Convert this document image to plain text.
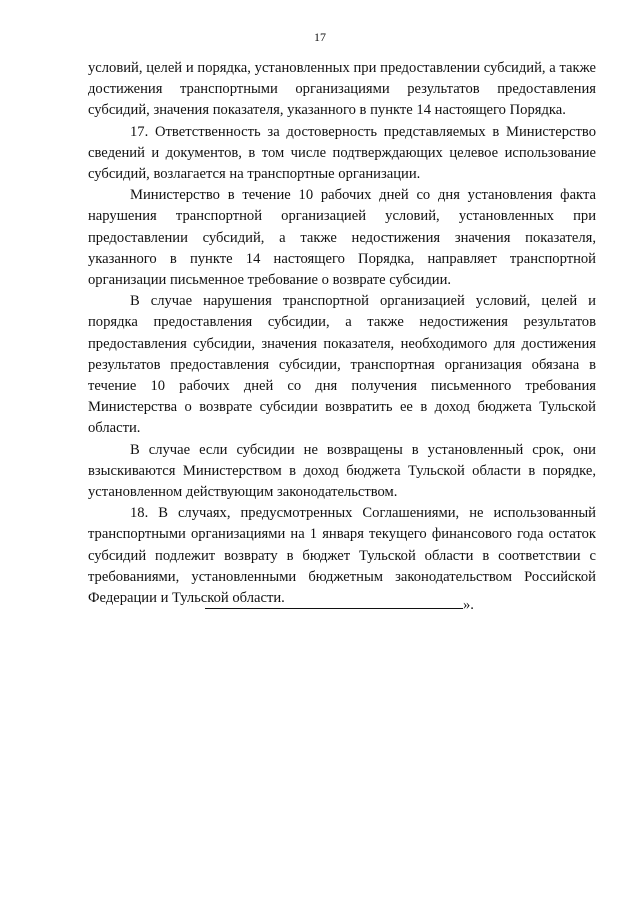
17

условий, целей и порядка, установленных при предоставлении субсидий, а также достижения транспортными организациями результатов предоставления субсидий, значения показателя, указанного в пункте 14 настоящего Порядка.

17. Ответственность за достоверность представляемых в Министерство сведений и документов, в том числе подтверждающих целевое использование субсидий, возлагается на транспортные организации.

Министерство в течение 10 рабочих дней со дня установления факта нарушения транспортной организацией условий, установленных при предоставлении субсидий, а также недостижения значения показателя, указанного в пункте 14 настоящего Порядка, направляет транспортной организации письменное требование о возврате субсидии.

В случае нарушения транспортной организацией условий, целей и порядка предоставления субсидии, а также недостижения результатов предоставления субсидии, значения показателя, необходимого для достижения результатов предоставления субсидии, транспортная организация обязана в течение 10 рабочих дней со дня получения письменного требования Министерства о возврате субсидии возвратить ее в доход бюджета Тульской области.

В случае если субсидии не возвращены в установленный срок, они взыскиваются Министерством в доход бюджета Тульской области в порядке, установленном действующим законодательством.

18. В случаях, предусмотренных Соглашениями, не использованный транспортными организациями на 1 января текущего финансового года остаток субсидий подлежит возврату в бюджет Тульской области в соответствии с требованиями, установленными бюджетным законодательством Российской Федерации и Тульской области.	».
